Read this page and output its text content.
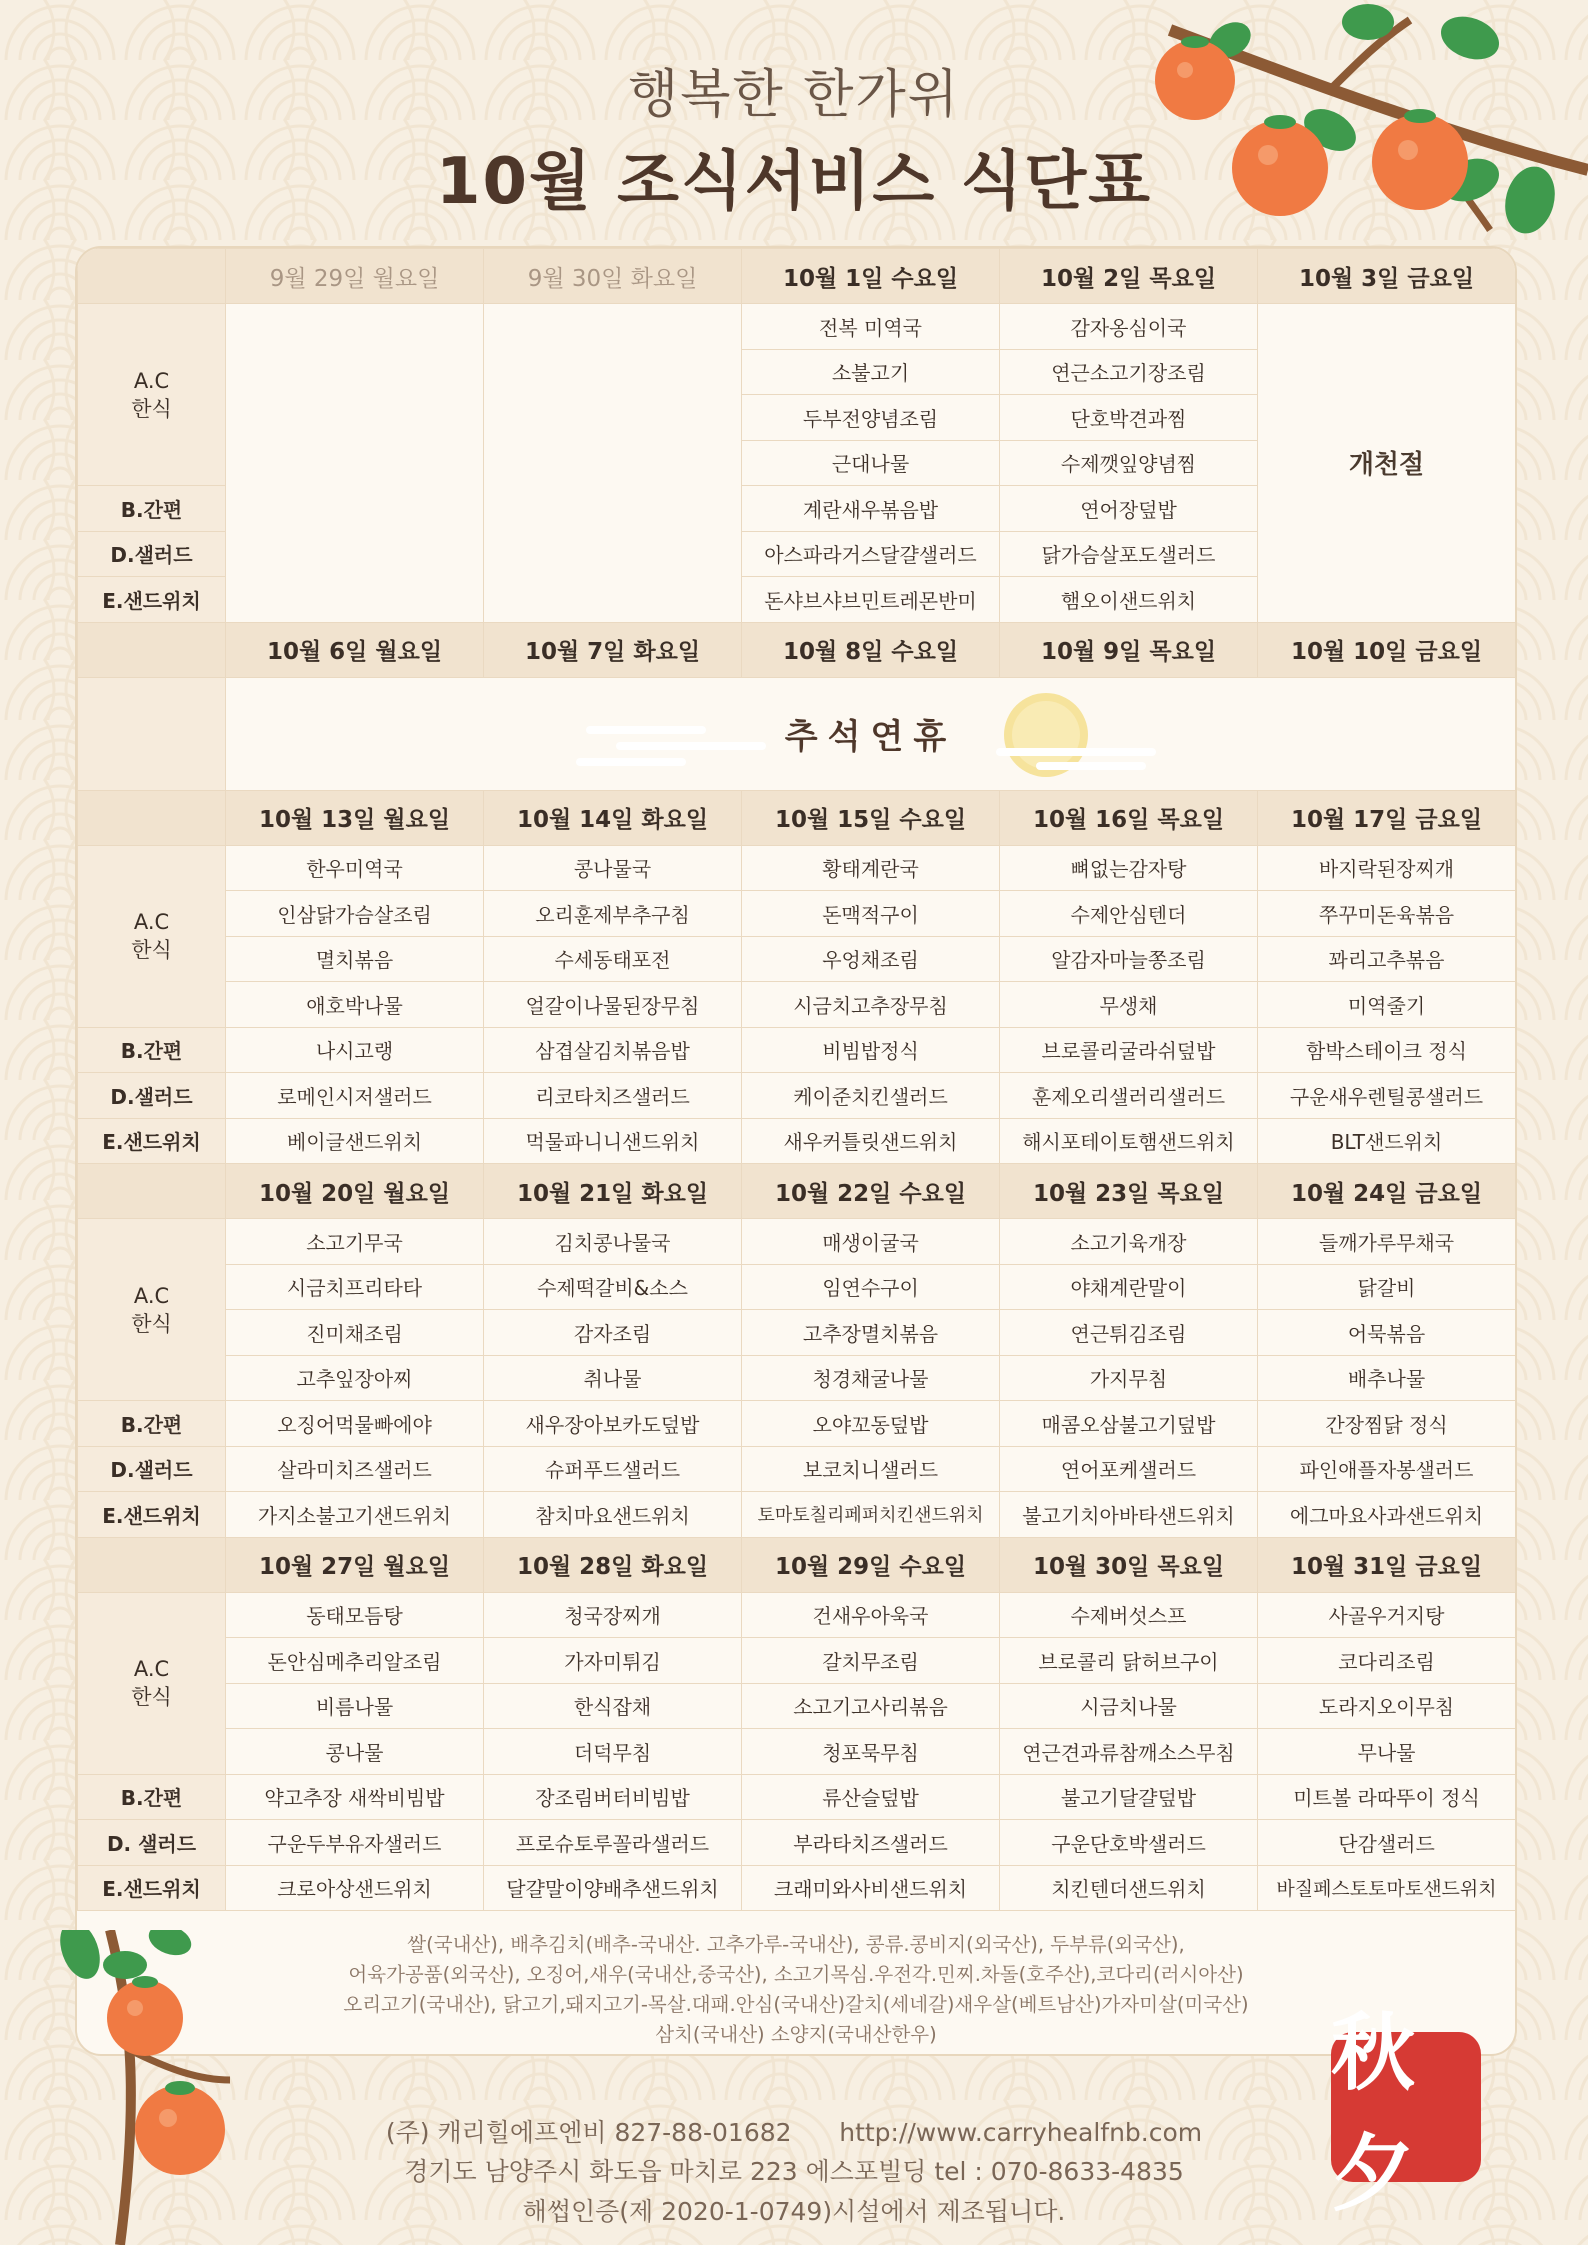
행복한 한가위
10월 조식서비스 식단표
	9월 29일 월요일	9월 30일 화요일	10월 1일 수요일	10월 2일 목요일	10월 3일 금요일
A.C
한식			전복 미역국	감자옹심이국	개천절
			소불고기	연근소고기장조림	
			두부전양념조림	단호박견과찜	
			근대나물	수제깻잎양념찜	
B.간편			계란새우볶음밥	연어장덮밥	
D.샐러드			아스파라거스달걀샐러드	닭가슴살포도샐러드	
E.샌드위치			돈샤브샤브민트레몬반미	햄오이샌드위치	
	10월 6일 월요일	10월 7일 화요일	10월 8일 수요일	10월 9일 목요일	10월 10일 금요일

추석연휴				
	10월 13일 월요일	10월 14일 화요일	10월 15일 수요일	10월 16일 목요일	10월 17일 금요일
A.C
한식	한우미역국	콩나물국	황태계란국	뼈없는감자탕	바지락된장찌개
	인삼닭가슴살조림	오리훈제부추구침	돈맥적구이	수제안심텐더	쭈꾸미돈육볶음
	멸치볶음	수세동태포전	우엉채조림	알감자마늘쫑조림	꽈리고추볶음
	애호박나물	얼갈이나물된장무침	시금치고추장무침	무생채	미역줄기
B.간편	나시고랭	삼겹살김치볶음밥	비빔밥정식	브로콜리굴라쉬덮밥	함박스테이크 정식
D.샐러드	로메인시저샐러드	리코타치즈샐러드	케이준치킨샐러드	훈제오리샐러리샐러드	구운새우렌틸콩샐러드
E.샌드위치	베이글샌드위치	먹물파니니샌드위치	새우커틀릿샌드위치	해시포테이토햄샌드위치	BLT샌드위치
	10월 20일 월요일	10월 21일 화요일	10월 22일 수요일	10월 23일 목요일	10월 24일 금요일
A.C
한식	소고기무국	김치콩나물국	매생이굴국	소고기육개장	들깨가루무채국
	시금치프리타타	수제떡갈비&소스	임연수구이	야채계란말이	닭갈비
	진미채조림	감자조림	고추장멸치볶음	연근튀김조림	어묵볶음
	고추잎장아찌	취나물	청경채굴나물	가지무침	배추나물
B.간편	오징어먹물빠에야	새우장아보카도덮밥	오야꼬동덮밥	매콤오삼불고기덮밥	간장찜닭 정식
D.샐러드	살라미치즈샐러드	슈퍼푸드샐러드	보코치니샐러드	연어포케샐러드	파인애플자봉샐러드
E.샌드위치	가지소불고기샌드위치	참치마요샌드위치	토마토칠리페퍼치킨샌드위치	불고기치아바타샌드위치	에그마요사과샌드위치
	10월 27일 월요일	10월 28일 화요일	10월 29일 수요일	10월 30일 목요일	10월 31일 금요일
A.C
한식	동태모듬탕	청국장찌개	건새우아욱국	수제버섯스프	사골우거지탕
	돈안심메추리알조림	가자미튀김	갈치무조림	브로콜리 닭허브구이	코다리조림
	비름나물	한식잡채	소고기고사리볶음	시금치나물	도라지오이무침
	콩나물	더덕무침	청포묵무침	연근견과류참깨소스무침	무나물
B.간편	약고추장 새싹비빔밥	장조림버터비빔밥	류산슬덮밥	불고기달걀덮밥	미트볼 라따뚜이 정식
D. 샐러드	구운두부유자샐러드	프로슈토루꼴라샐러드	부라타치즈샐러드	구운단호박샐러드	단감샐러드
E.샌드위치	크로아상샌드위치	달걀말이양배추샌드위치	크래미와사비샌드위치	치킨텐더샌드위치	바질페스토토마토샌드위치
쌀(국내산), 배추김치(배추-국내산. 고추가루-국내산), 콩류.콩비지(외국산), 두부류(외국산),
어육가공품(외국산), 오징어,새우(국내산,중국산), 소고기목심.우전각.민찌.차돌(호주산),코다리(러시아산)
오리고기(국내산), 닭고기,돼지고기-목살.대패.안심(국내산)갈치(세네갈)새우살(베트남산)가자미살(미국산)
삼치(국내산) 소양지(국내산한우)
(주) 캐리힐에프엔비 827-88-01682      http://www.carryhealfnb.com
경기도 남양주시 화도읍 마치로 223 에스포빌딩 tel : 070-8633-4835
해썹인증(제 2020-1-0749)시설에서 제조됩니다.
秋夕
